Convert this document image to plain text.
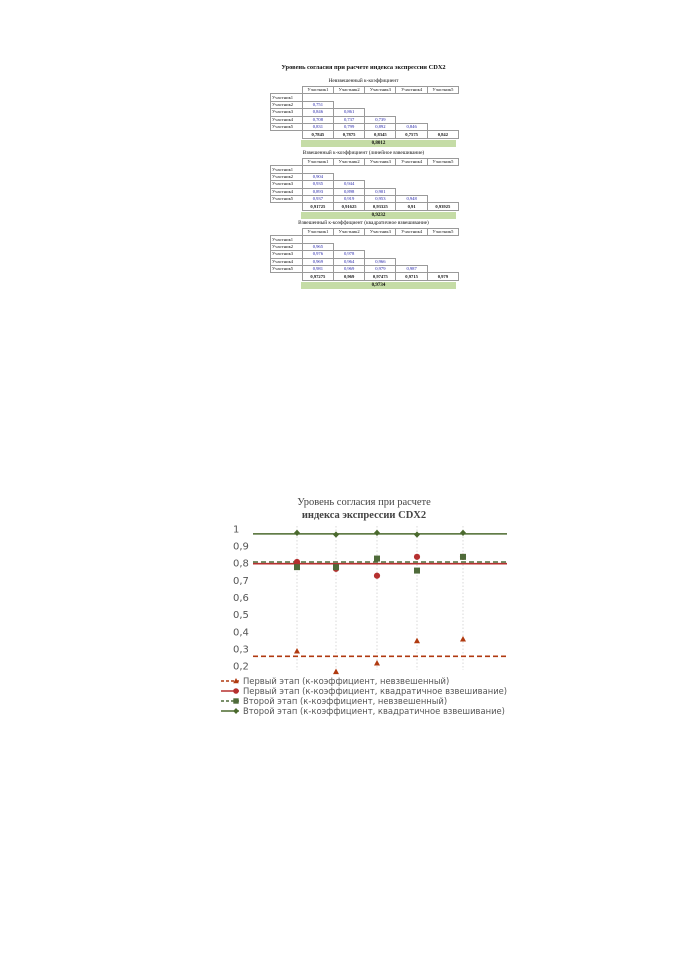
Уровень согласия при расчете индекса экспрессии CDX2
Невзвешенный к-коэффициент
	Участник1	Участник2	Участник3	Участник4	Участник5
Участник1					
Участник2	0,751				
Участник3	0,846	0,861			
Участник4	0,708	0,737	0,739		
Участник5	0,831	0,799	0,892	0,846	
	0,7845	0,7875	0,8345	0,7575	0,842
0,8012
Взвешенный к-коэффициент (линейное взвешивание)
	Участник1	Участник2	Участник3	Участник4	Участник5
Участник1					
Участник2	0,904				
Участник3	0,935	0,944			
Участник4	0,893	0,898	0,901		
Участник5	0,937	0,919	0,953	0,948	
	0,91725	0,91625	0,93325	0,91	0,93925
0,9232
Взвешенный к-коэффициент (квадратичное взвешивание)
	Участник1	Участник2	Участник3	Участник4	Участник5
Участник1					
Участник2	0,965				
Участник3	0,976	0,978			
Участник4	0,969	0,964	0,966		
Участник5	0,981	0,969	0,979	0,987	
	0,97275	0,969	0,97475	0,9715	0,979
0,9734
Уровень согласия при расчете
индекса экспрессии CDX2
1
0,9
0,8
0,7
0,6
0,5
0,4
0,3
0,2
Первый этап (к-коэффициент, невзвешенный)
Первый этап (к-коэффициент, квадратичное взвешивание)
Второй этап (к-коэффициент, невзвешенный)
Второй этап (к-коэффициент, квадратичное взвешивание)
